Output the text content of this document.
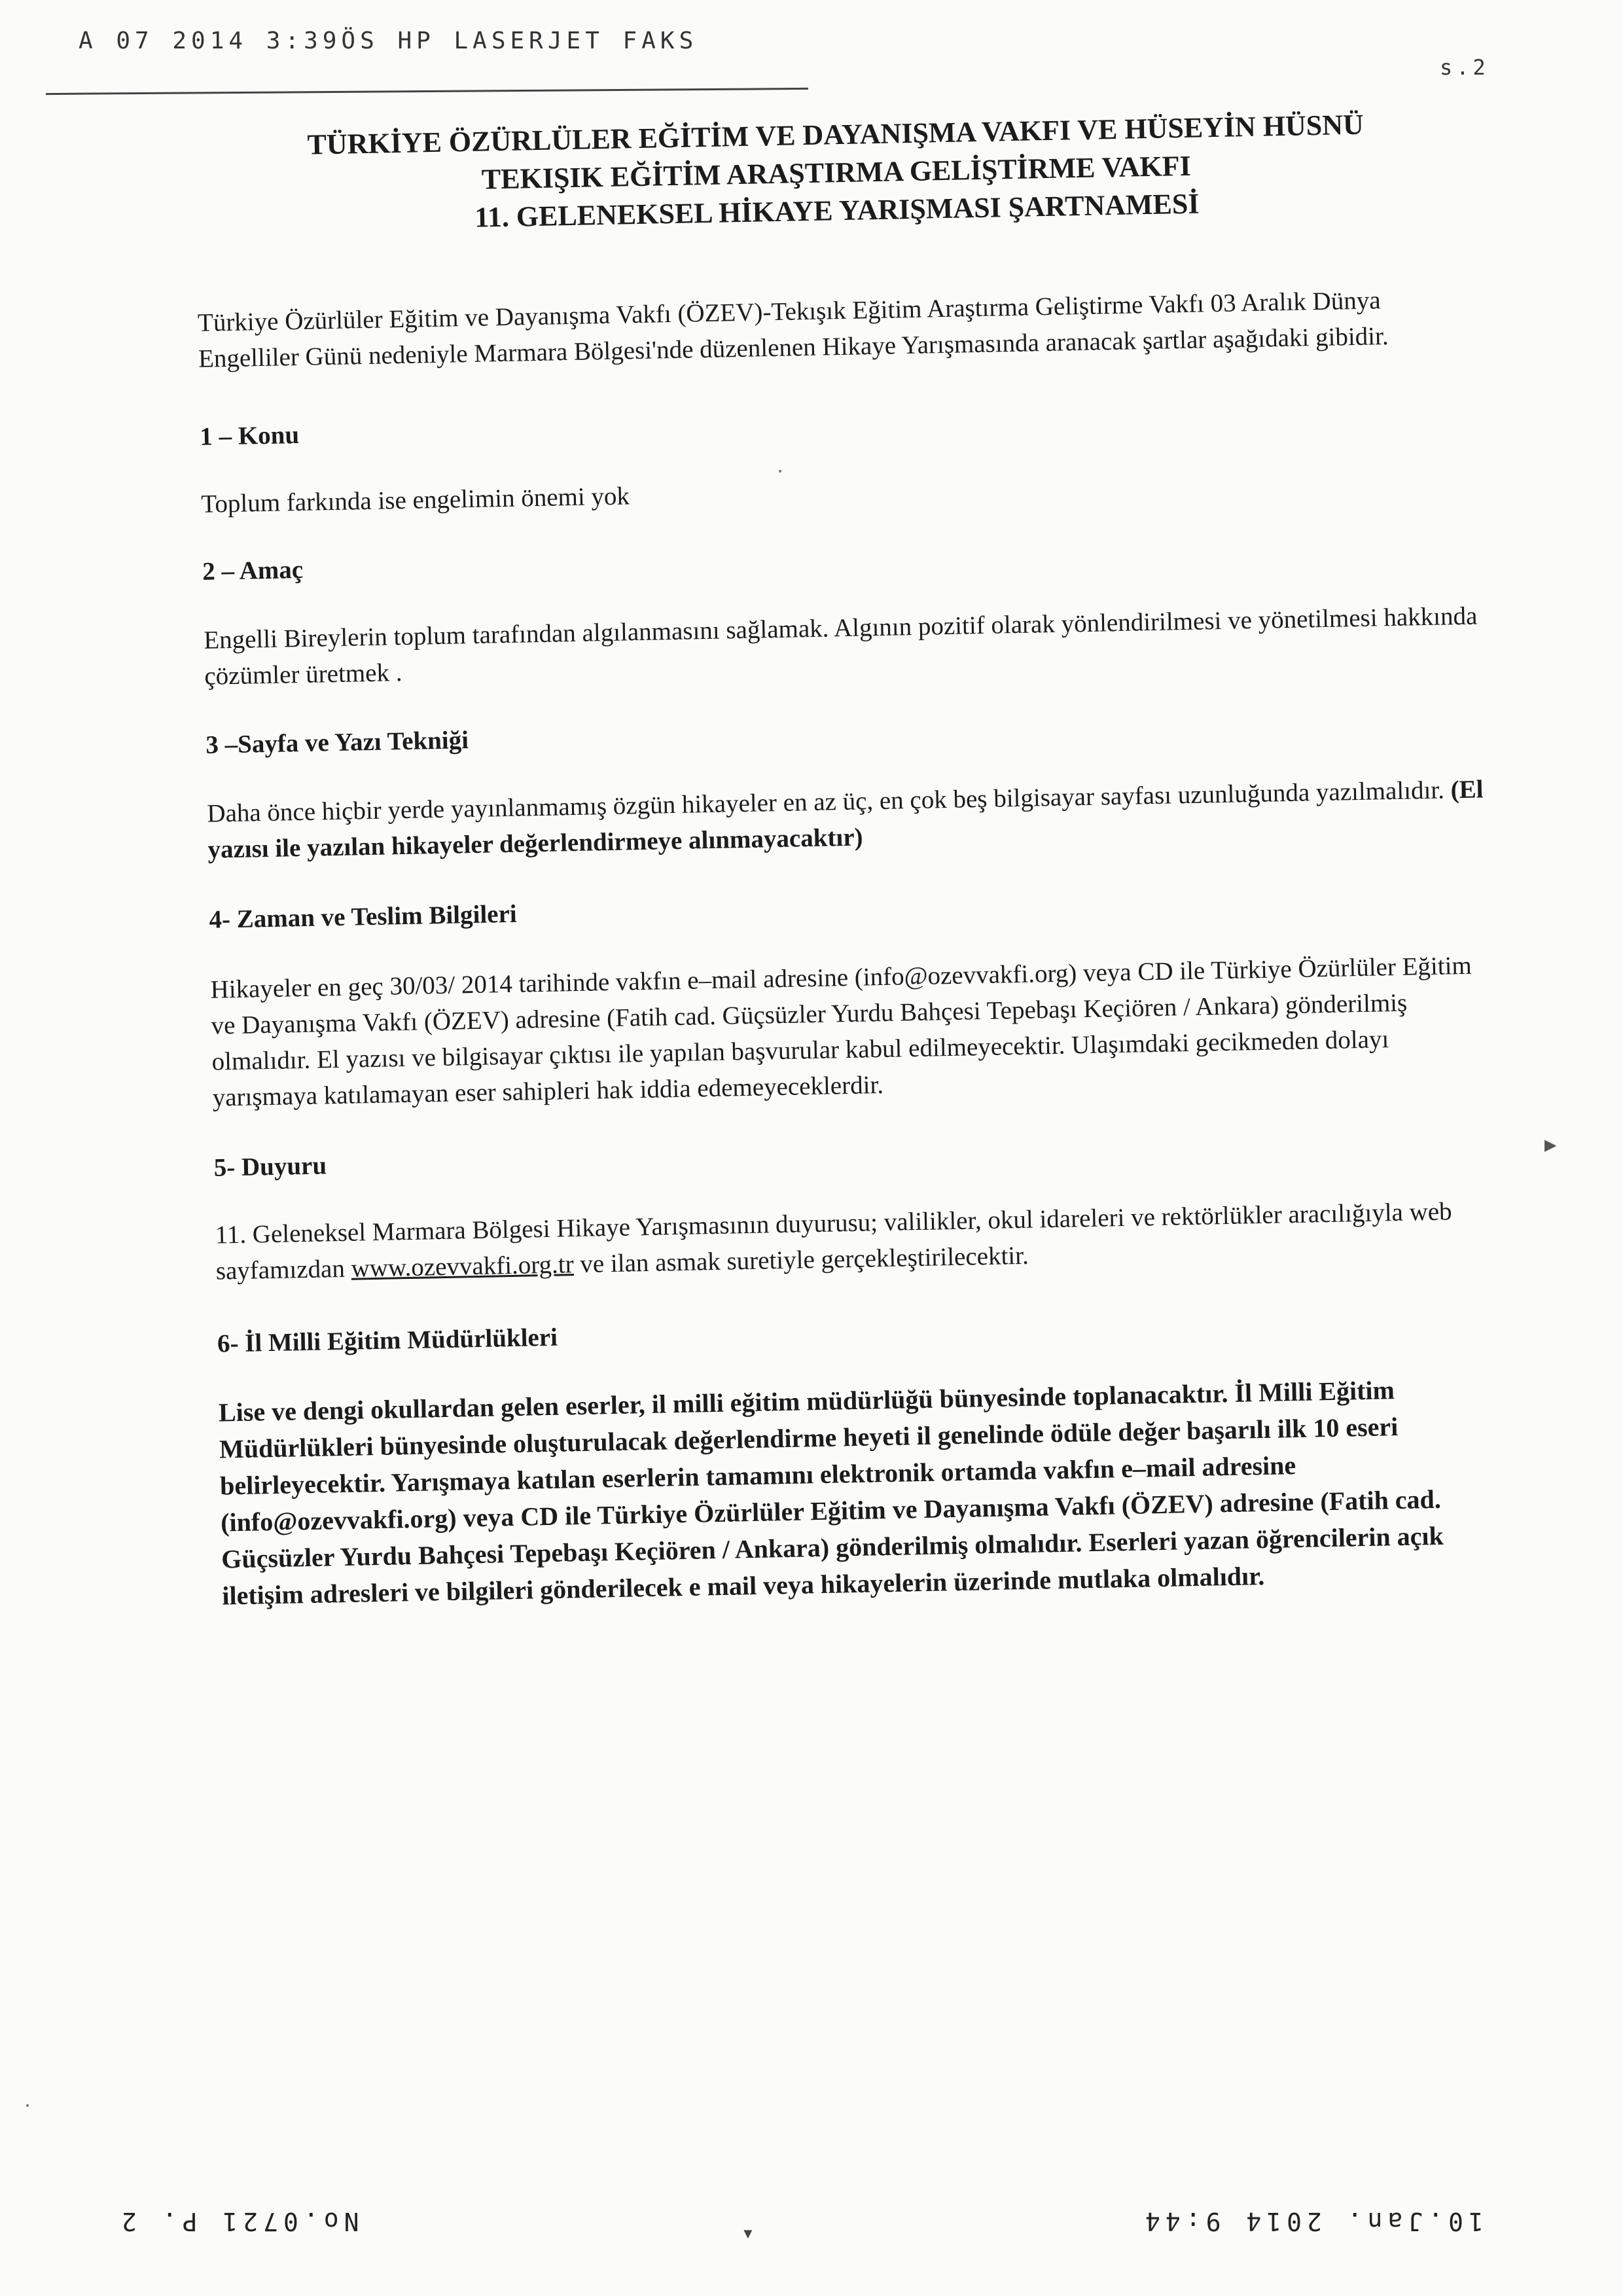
A 07 2014 3:39ÖS HP LASERJET FAKS
s.2
TÜRKİYE ÖZÜRLÜLER EĞİTİM VE DAYANIŞMA VAKFI VE HÜSEYİN HÜSNÜ
TEKIŞIK EĞİTİM ARAŞTIRMA GELİŞTİRME VAKFI
11. GELENEKSEL HİKAYE YARIŞMASI ŞARTNAMESİ

Türkiye Özürlüler Eğitim ve Dayanışma Vakfı (ÖZEV)-Tekışık Eğitim Araştırma Geliştirme Vakfı 03 Aralık Dünya Engelliler Günü nedeniyle Marmara Bölgesi'nde düzenlenen Hikaye Yarışmasında aranacak şartlar aşağıdaki gibidir.

1 – Konu

Toplum farkında ise engelimin önemi yok

2 – Amaç

Engelli Bireylerin toplum tarafından algılanmasını sağlamak. Algının pozitif olarak yönlendirilmesi ve yönetilmesi hakkında çözümler üretmek .

3 –Sayfa ve Yazı Tekniği

Daha önce hiçbir yerde yayınlanmamış özgün hikayeler en az üç, en çok beş bilgisayar sayfası uzunluğunda yazılmalıdır. (El yazısı ile yazılan hikayeler değerlendirmeye alınmayacaktır)

4- Zaman ve Teslim Bilgileri

Hikayeler en geç 30/03/ 2014 tarihinde vakfın e–mail adresine (info@ozevvakfi.org) veya CD ile Türkiye Özürlüler Eğitim ve Dayanışma Vakfı (ÖZEV) adresine (Fatih cad. Güçsüzler Yurdu Bahçesi Tepebaşı Keçiören / Ankara) gönderilmiş olmalıdır. El yazısı ve bilgisayar çıktısı ile yapılan başvurular kabul edilmeyecektir. Ulaşımdaki gecikmeden dolayı yarışmaya katılamayan eser sahipleri hak iddia edemeyeceklerdir.

5- Duyuru

11. Geleneksel Marmara Bölgesi Hikaye Yarışmasının duyurusu; valilikler, okul idareleri ve rektörlükler aracılığıyla web sayfamızdan www.ozevvakfi.org.tr ve ilan asmak suretiyle gerçekleştirilecektir.

6- İl Milli Eğitim Müdürlükleri

Lise ve dengi okullardan gelen eserler, il milli eğitim müdürlüğü bünyesinde toplanacaktır. İl Milli Eğitim Müdürlükleri bünyesinde oluşturulacak değerlendirme heyeti il genelinde ödüle değer başarılı ilk 10 eseri belirleyecektir. Yarışmaya katılan eserlerin tamamını elektronik ortamda vakfın e–mail adresine (info@ozevvakfi.org) veya CD ile Türkiye Özürlüler Eğitim ve Dayanışma Vakfı (ÖZEV) adresine (Fatih cad. Güçsüzler Yurdu Bahçesi Tepebaşı Keçiören / Ankara) gönderilmiş olmalıdır. Eserleri yazan öğrencilerin açık iletişim adresleri ve bilgileri gönderilecek e mail veya hikayelerin üzerinde mutlaka olmalıdır.

▶
▼
No.0721 P. 2	10.Jan. 2014 9:44
